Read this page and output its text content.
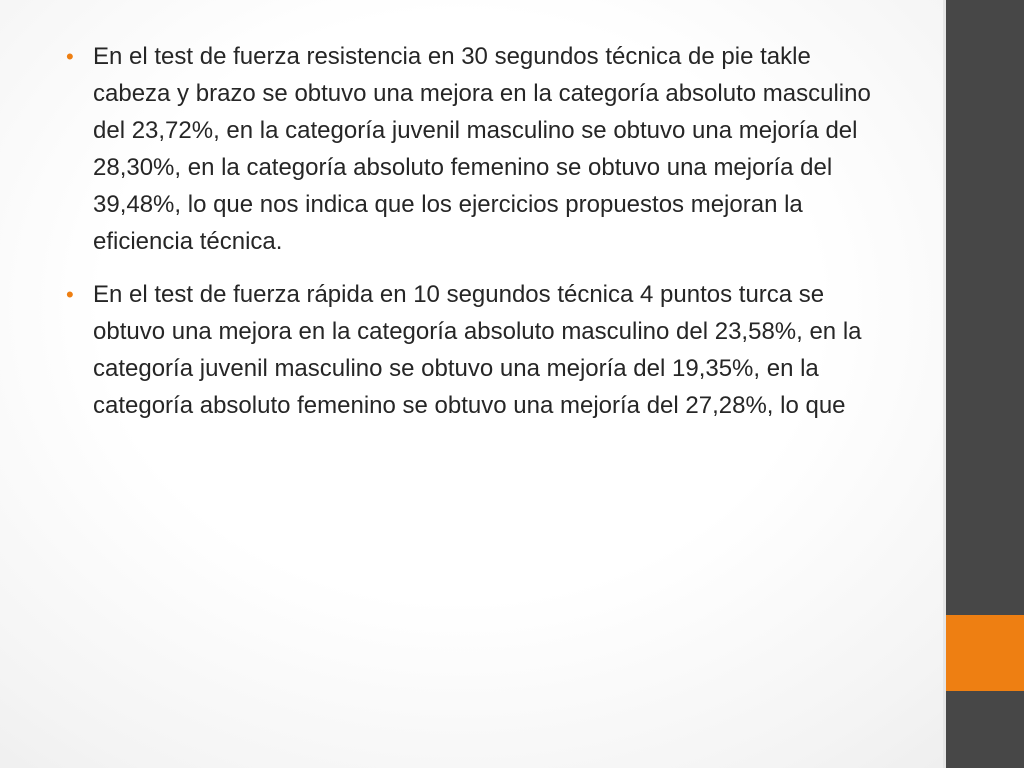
• En el test de fuerza resistencia en 30 segundos técnica de pie takle cabeza y brazo se obtuvo una mejora en la categoría absoluto masculino del 23,72%, en la categoría juvenil masculino se obtuvo una mejoría del 28,30%, en la categoría absoluto femenino se obtuvo una mejoría del 39,48%, lo que nos indica que los ejercicios propuestos mejoran la eficiencia técnica.
• En el test de fuerza rápida en 10 segundos técnica 4 puntos turca se obtuvo una mejora en la categoría absoluto masculino del 23,58%, en la categoría juvenil masculino se obtuvo una mejoría del 19,35%, en la categoría absoluto femenino se obtuvo una mejoría del 27,28%, lo que
